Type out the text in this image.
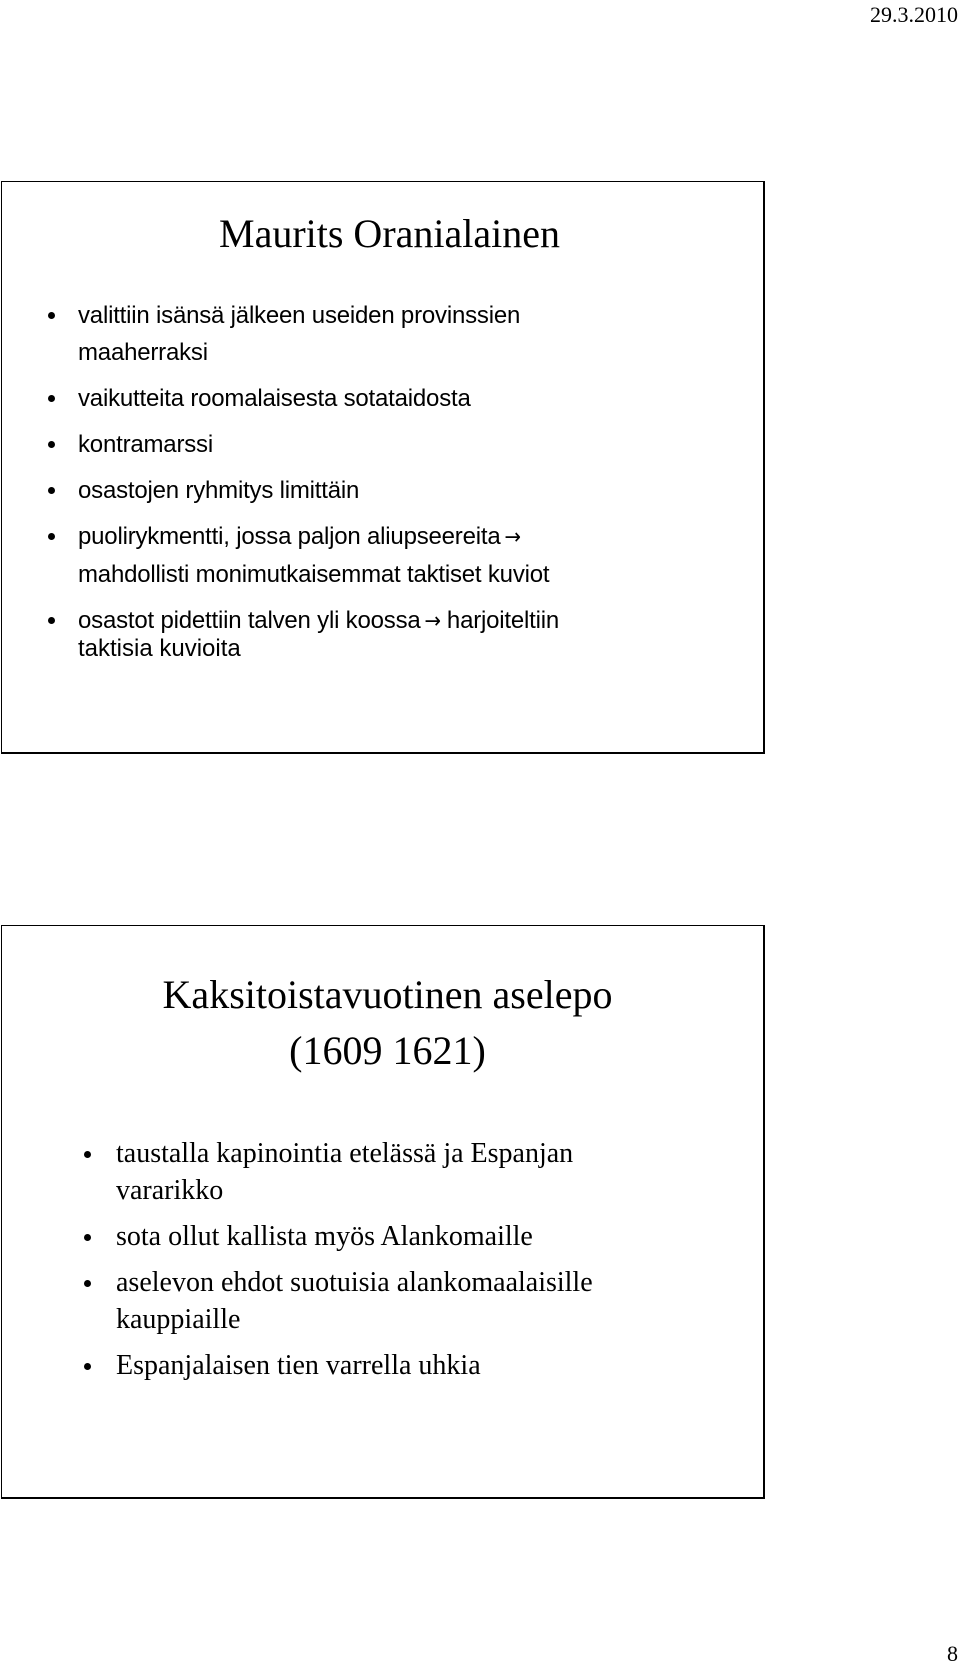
29.3.2010
Maurits Oranialainen
valittiin isänsä jälkeen useiden provinssien
maaherraksi
vaikutteita roomalaisesta sotataidosta
kontramarssi
osastojen ryhmitys limittäin
puolirykmentti, jossa paljon aliupseereita →
mahdollisti monimutkaisemmat taktiset kuviot
osastot pidettiin talven yli koossa → harjoiteltiin
taktisia kuvioita
Kaksitoistavuotinen aselepo
(1609 1621)
taustalla kapinointia etelässä ja Espanjan
vararikko
sota ollut kallista myös Alankomaille
aselevon ehdot suotuisia alankomaalaisille
kauppiaille
Espanjalaisen tien varrella uhkia
8
